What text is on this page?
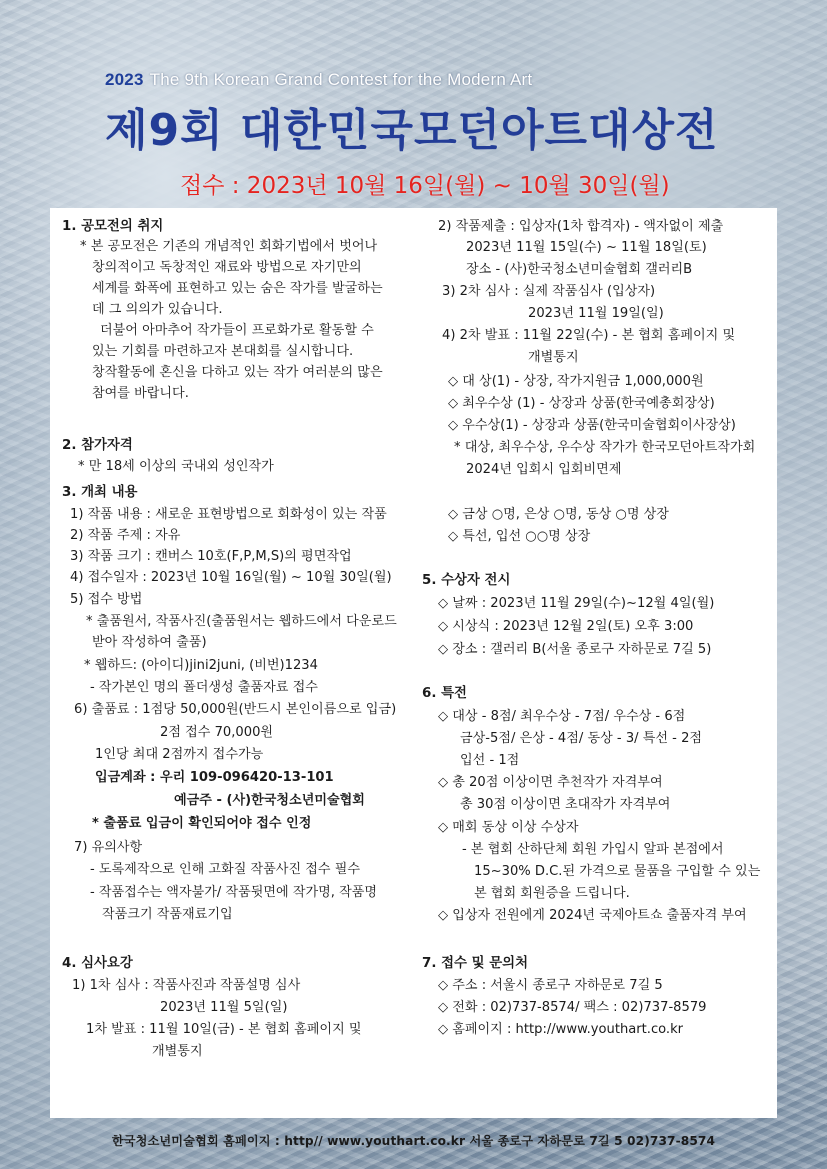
2023 The 9th Korean Grand Contest for the Modern Art
제9회 대한민국모던아트대상전
접수 : 2023년 10월 16일(월) ~ 10월 30일(월)
1. 공모전의 취지
* 본 공모전은 기존의 개념적인 회화기법에서 벗어나
창의적이고 독창적인 재료와 방법으로 자기만의
세계를 화폭에 표현하고 있는 숨은 작가를 발굴하는
데 그 의의가 있습니다.
더불어 아마추어 작가들이 프로화가로 활동할 수
있는 기회를 마련하고자 본대회를 실시합니다.
창작활동에 혼신을 다하고 있는 작가 여러분의 많은
참여를 바랍니다.
2. 참가자격
* 만 18세 이상의 국내외 성인작가
3. 개최 내용
1) 작품 내용 : 새로운 표현방법으로 회화성이 있는 작품
2) 작품 주제 : 자유
3) 작품 크기 : 캔버스 10호(F,P,M,S)의 평면작업
4) 접수일자 : 2023년 10월 16일(월) ~ 10월 30일(월)
5) 접수 방법
* 출품원서, 작품사진(출품원서는 웹하드에서 다운로드
받아 작성하여 출품)
* 웹하드: (아이디)jini2juni, (비번)1234
- 작가본인 명의 폴더생성 출품자료 접수
6) 출품료 : 1점당 50,000원(반드시 본인이름으로 입금)
2점 접수 70,000원
1인당 최대 2점까지 접수가능
입금계좌 : 우리 109-096420-13-101
예금주 - (사)한국청소년미술협회
* 출품료 입금이 확인되어야 접수 인정
7) 유의사항
- 도록제작으로 인해 고화질 작품사진 접수 필수
- 작품접수는 액자불가/ 작품뒷면에 작가명, 작품명
작품크기 작품재료기입
4. 심사요강
1) 1차 심사 : 작품사진과 작품설명 심사
2023년 11월 5일(일)
1차 발표 : 11월 10일(금) - 본 협회 홈페이지 및
개별통지
2) 작품제출 : 입상자(1차 합격자) - 액자없이 제출
2023년 11월 15일(수) ~ 11월 18일(토)
장소 - (사)한국청소년미술협회 갤러리B
3) 2차 심사 : 실제 작품심사 (입상자)
2023년 11월 19일(일)
4) 2차 발표 : 11월 22일(수) - 본 협회 홈페이지 및
개별통지
◇ 대 상(1) - 상장, 작가지원금 1,000,000원
◇ 최우수상 (1) - 상장과 상품(한국예총회장상)
◇ 우수상(1) - 상장과 상품(한국미술협회이사장상)
* 대상, 최우수상, 우수상 작가가 한국모던아트작가회
2024년 입회시 입회비면제
◇ 금상 ○명, 은상 ○명, 동상 ○명 상장
◇ 특선, 입선 ○○명 상장
5. 수상자 전시
◇ 날짜 : 2023년 11월 29일(수)~12월 4일(월)
◇ 시상식 : 2023년 12월 2일(토) 오후 3:00
◇ 장소 : 갤러리 B(서울 종로구 자하문로 7길 5)
6. 특전
◇ 대상 - 8점/ 최우수상 - 7점/ 우수상 - 6점
금상-5점/ 은상 - 4점/ 동상 - 3/ 특선 - 2점
입선 - 1점
◇ 총 20점 이상이면 추천작가 자격부여
총 30점 이상이면 초대작가 자격부여
◇ 매회 동상 이상 수상자
- 본 협회 산하단체 회원 가입시 알파 본점에서
15~30% D.C.된 가격으로 물품을 구입할 수 있는
본 협회 회원증을 드립니다.
◇ 입상자 전원에게 2024년 국제아트쇼 출품자격 부여
7. 접수 및 문의처
◇ 주소 : 서울시 종로구 자하문로 7길 5
◇ 전화 : 02)737-8574/ 팩스 : 02)737-8579
◇ 홈페이지 : http://www.youthart.co.kr
한국청소년미술협회 홈페이지 : http// www.youthart.co.kr 서울 종로구 자하문로 7길 5 02)737-8574
